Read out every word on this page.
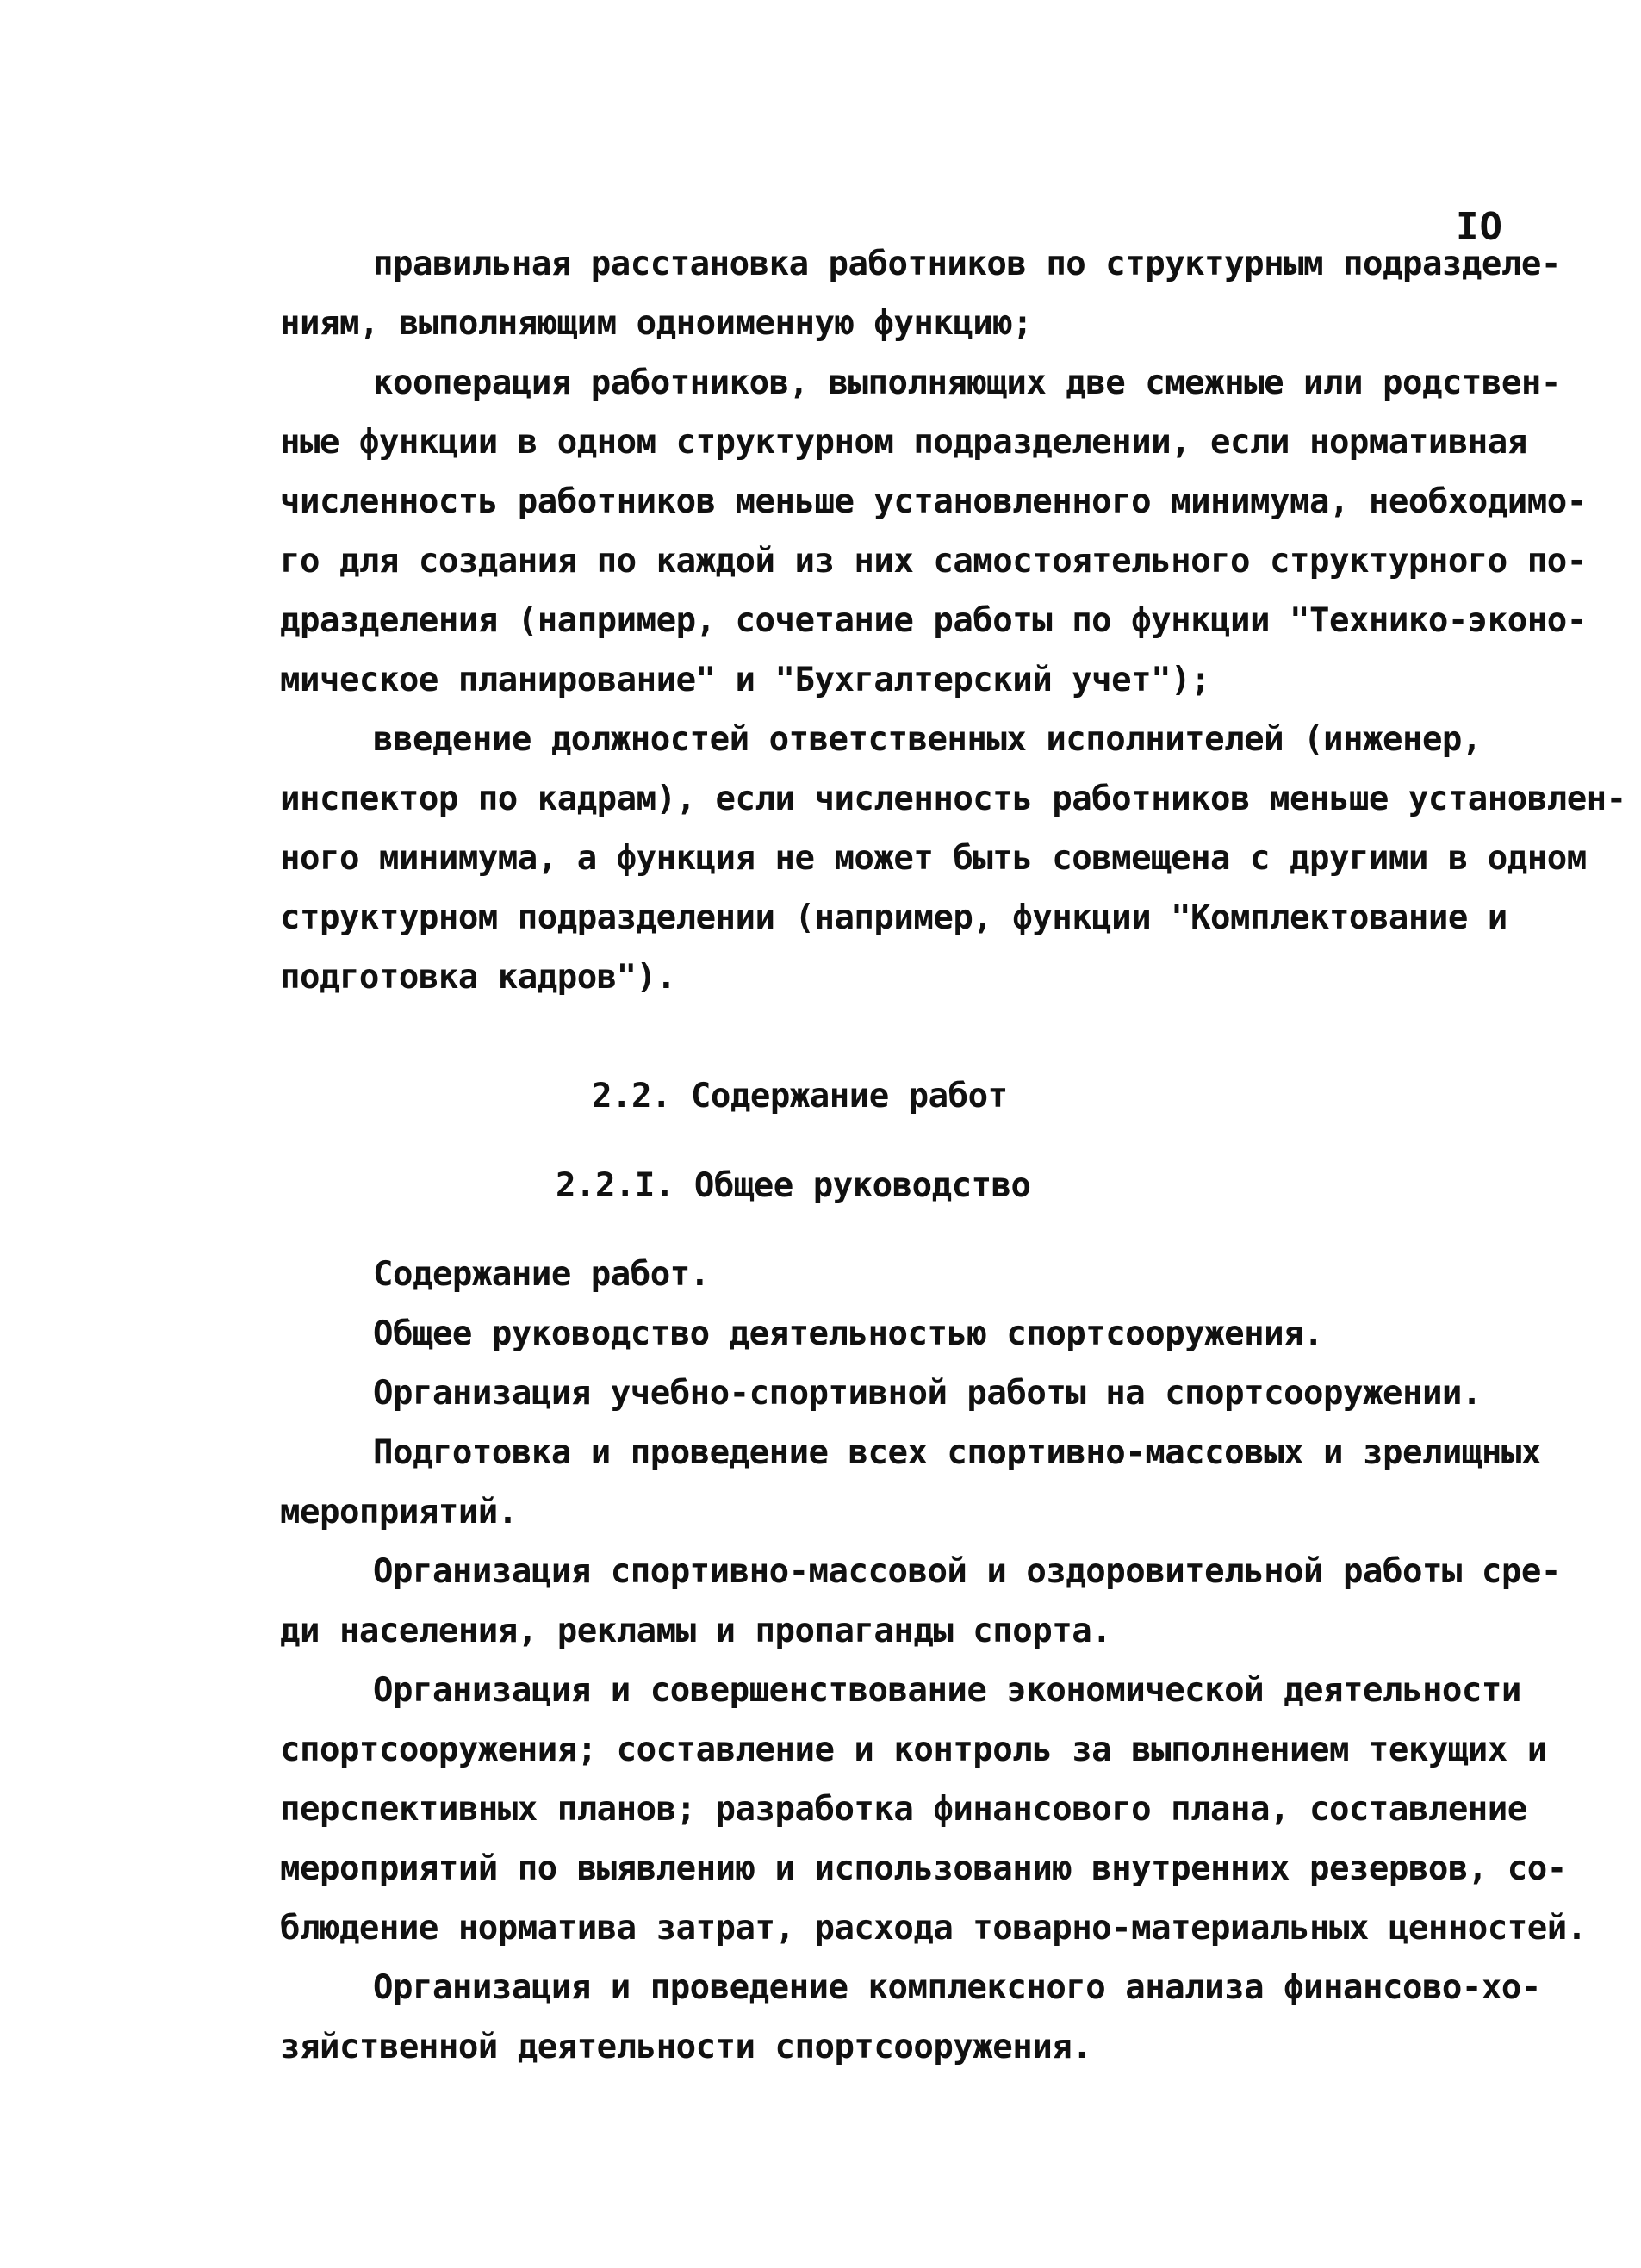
IO
правильная расстановка работников по структурным подразделе-
ниям, выполняющим одноименную функцию;
кооперация работников, выполняющих две смежные или родствен-
ные функции в одном структурном подразделении, если нормативная
численность работников меньше установленного минимума, необходимо-
го для создания по каждой из них самостоятельного структурного по-
дразделения (например, сочетание работы по функции "Технико-эконо-
мическое планирование" и "Бухгалтерский учет");
введение должностей ответственных исполнителей (инженер,
инспектор по кадрам), если численность работников меньше установлен-
ного минимума, а функция не может быть совмещена с другими в одном
структурном подразделении (например, функции "Комплектование и
подготовка кадров").
2.2. Содержание работ
2.2.I. Общее руководство
Содержание работ.
Общее руководство деятельностью спортсооружения.
Организация учебно-спортивной работы на спортсооружении.
Подготовка и проведение всех спортивно-массовых и зрелищных
мероприятий.
Организация спортивно-массовой и оздоровительной работы сре-
ди населения, рекламы и пропаганды спорта.
Организация и совершенствование экономической деятельности
спортсооружения; составление и контроль за выполнением текущих и
перспективных планов; разработка финансового плана, составление
мероприятий по выявлению и использованию внутренних резервов, со-
блюдение норматива затрат, расхода товарно-материальных ценностей.
Организация и проведение комплексного анализа финансово-хо-
зяйственной деятельности спортсооружения.
